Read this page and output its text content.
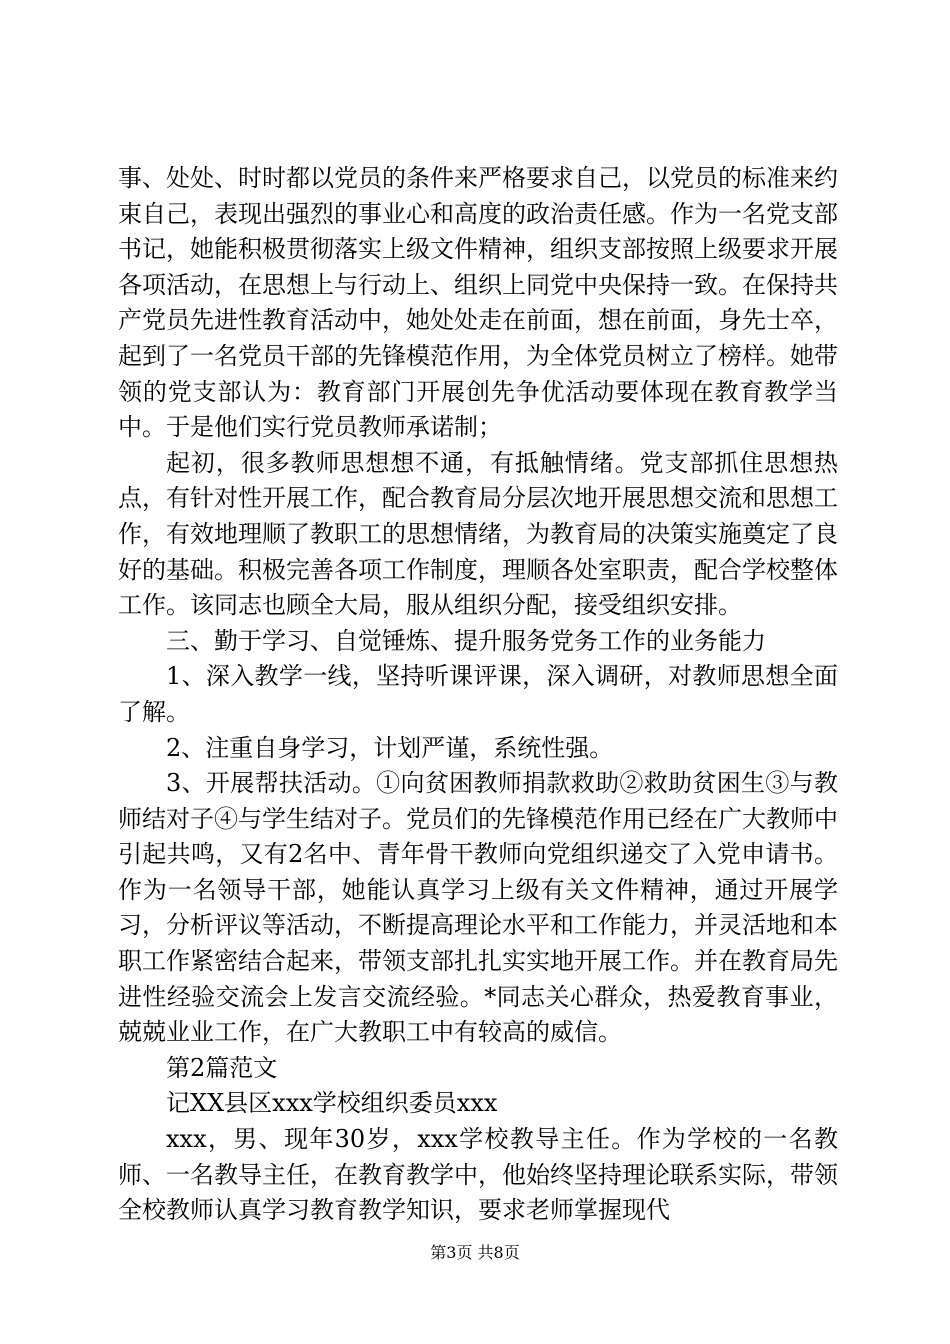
事、处处、时时都以党员的条件来严格要求自己，以党员的标准来约束自己，表现出强烈的事业心和高度的政治责任感。作为一名党支部书记，她能积极贯彻落实上级文件精神，组织支部按照上级要求开展各项活动，在思想上与行动上、组织上同党中央保持一致。在保持共产党员先进性教育活动中，她处处走在前面，想在前面，身先士卒，起到了一名党员干部的先锋模范作用，为全体党员树立了榜样。她带领的党支部认为：教育部门开展创先争优活动要体现在教育教学当中。于是他们实行党员教师承诺制；

起初，很多教师思想想不通，有抵触情绪。党支部抓住思想热点，有针对性开展工作，配合教育局分层次地开展思想交流和思想工作，有效地理顺了教职工的思想情绪，为教育局的决策实施奠定了良好的基础。积极完善各项工作制度，理顺各处室职责，配合学校整体工作。该同志也顾全大局，服从组织分配，接受组织安排。

三、勤于学习、自觉锤炼、提升服务党务工作的业务能力

1、深入教学一线，坚持听课评课，深入调研，对教师思想全面了解。

2、注重自身学习，计划严谨，系统性强。

3、开展帮扶活动。①向贫困教师捐款救助②救助贫困生③与教师结对子④与学生结对子。党员们的先锋模范作用已经在广大教师中引起共鸣，又有2名中、青年骨干教师向党组织递交了入党申请书。作为一名领导干部，她能认真学习上级有关文件精神，通过开展学习，分析评议等活动，不断提高理论水平和工作能力，并灵活地和本职工作紧密结合起来，带领支部扎扎实实地开展工作。并在教育局先进性经验交流会上发言交流经验。*同志关心群众，热爱教育事业，兢兢业业工作，在广大教职工中有较高的威信。

第2篇范文

记XX县区xxx学校组织委员xxx

xxx，男、现年30岁，xxx学校教导主任。作为学校的一名教师、一名教导主任，在教育教学中，他始终坚持理论联系实际，带领全校教师认真学习教育教学知识，要求老师掌握现代

第3页 共8页
